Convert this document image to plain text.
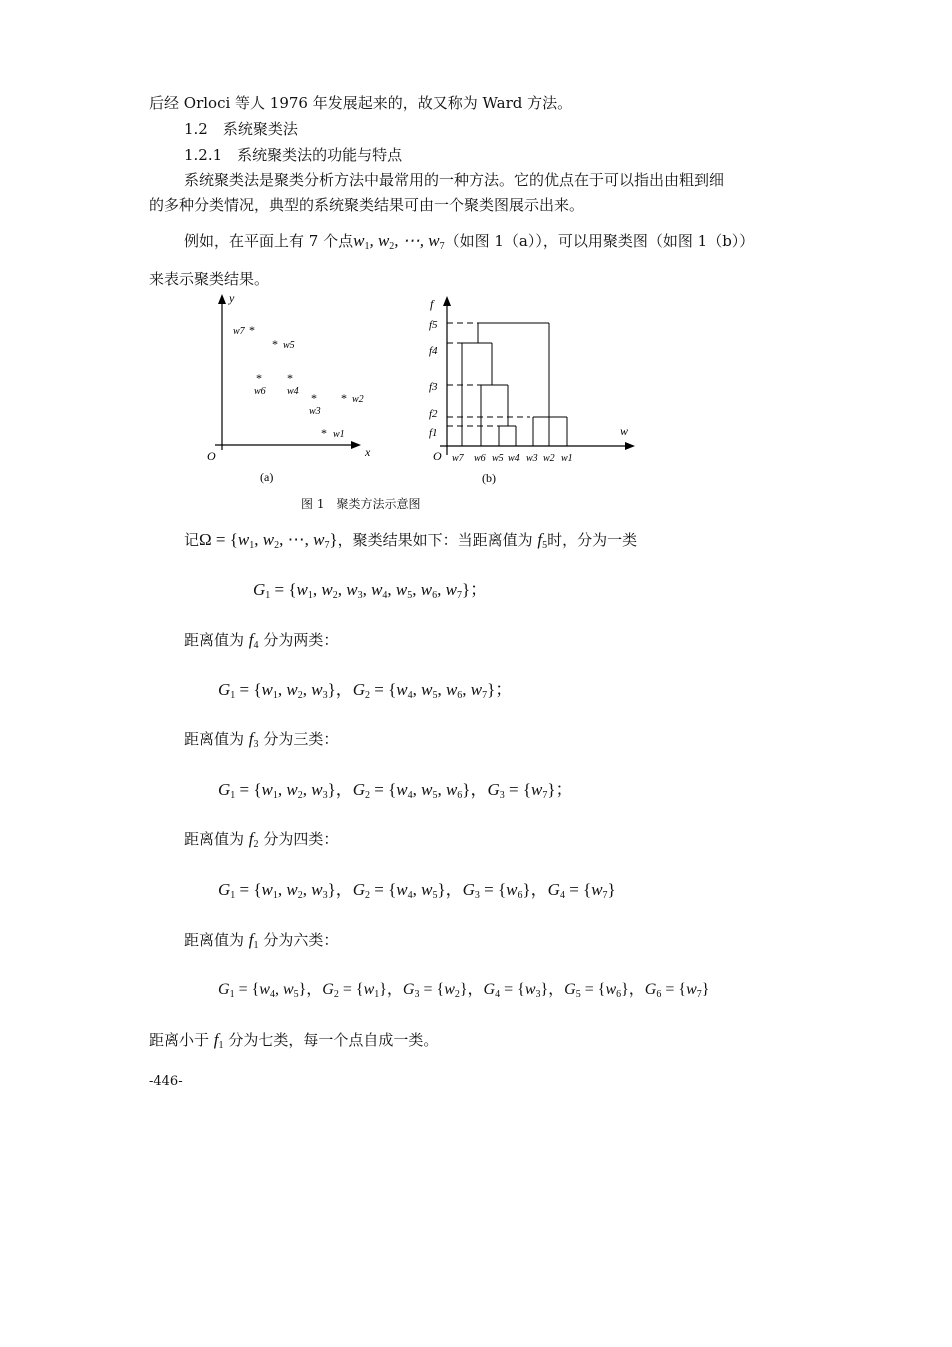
后经 Orloci 等人 1976 年发展起来的，故又称为 Ward 方法。
1.2　系统聚类法
1.2.1　系统聚类法的功能与特点
系统聚类法是聚类分析方法中最常用的一种方法。它的优点在于可以指出由粗到细
的多种分类情况，典型的系统聚类结果可由一个聚类图展示出来。
例如，在平面上有 7 个点$w_1$, $w_2$, ⋯, $w_7$（如图 1（a）），可以用聚类图（如图 1（b））
来表示聚类结果。
y
x
O
w7 *
* w5
*
w6
*
w4 *
w3
* w2
* w1
(a)
f
w
O
f5
f4
f3
f2
f1
w7 w6 w5 w4 w3 w2 w1
(b)
图 1　聚类方法示意图
记$\Omega = \{w_1$, $w_2$, ⋯, $w_7$}，聚类结果如下：当距离值为 $f_5$时，分为一类
$G_1 = \{w_1$, $w_2$, $w_3$, $w_4$, $w_5$, $w_6$, $w_7$}；
距离值为 $f_4$ 分为两类：
$G_1 = \{w_1$, $w_2$, $w_3$}，$G_2 = \{w_4$, $w_5$, $w_6$, $w_7$}；
距离值为 $f_3$ 分为三类：
$G_1 = \{w_1$, $w_2$, $w_3$}，$G_2 = \{w_4$, $w_5$, $w_6$}，$G_3 = \{w_7\}$；
距离值为 $f_2$ 分为四类：
$G_1 = \{w_1$, $w_2$, $w_3$}，$G_2 = \{w_4$, $w_5$}，$G_3 = \{w_6\}$，$G_4 = \{w_7\}$
距离值为 $f_1$ 分为六类：
$G_1 = \{w_4$, $w_5$}，$G_2 = \{w_1\}$，$G_3 = \{w_2\}$，$G_4 = \{w_3\}$，$G_5 = \{w_6\}$，$G_6 = \{w_7\}$
距离小于 $f_1$ 分为七类，每一个点自成一类。
-446-
